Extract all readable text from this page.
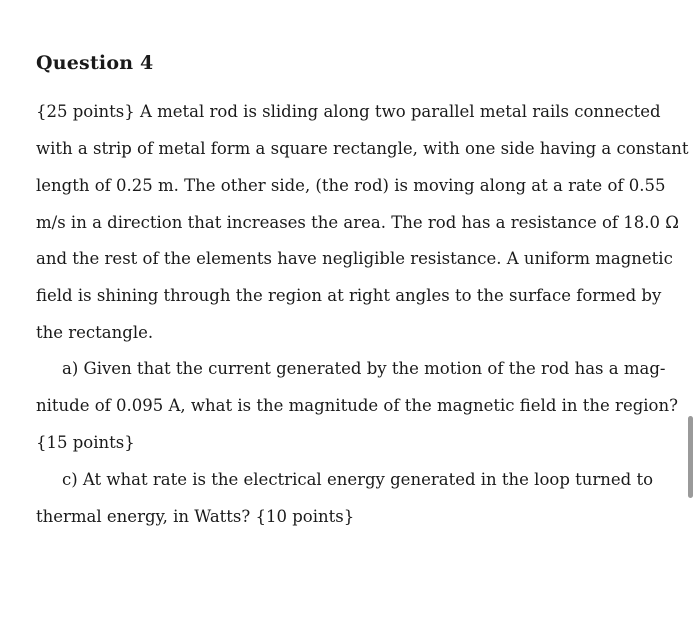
Question 4
{25 points} A metal rod is sliding along two parallel metal rails connected
with a strip of metal form a square rectangle, with one side having a constant
length of 0.25 m. The other side, (the rod) is moving along at a rate of 0.55
m/s in a direction that increases the area. The rod has a resistance of 18.0 Ω
and the rest of the elements have negligible resistance. A uniform magnetic
field is shining through the region at right angles to the surface formed by
the rectangle.
a) Given that the current generated by the motion of the rod has a mag-
nitude of 0.095 A, what is the magnitude of the magnetic field in the region?
{15 points}
c) At what rate is the electrical energy generated in the loop turned to
thermal energy, in Watts? {10 points}
